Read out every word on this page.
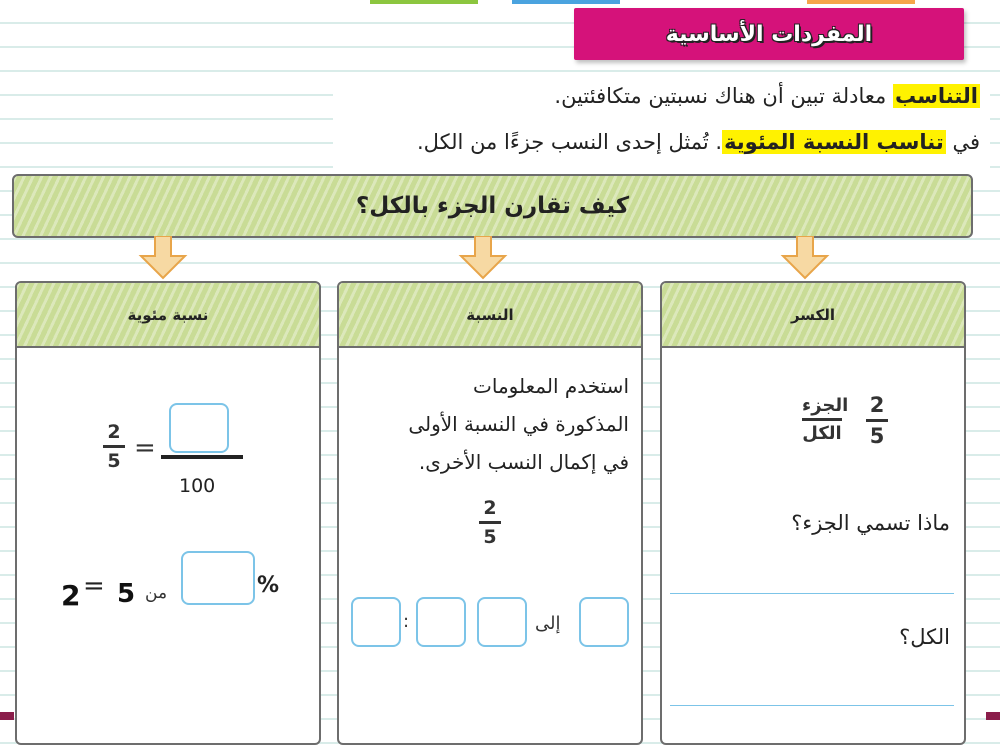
المفردات الأساسية
التناسب معادلة تبين أن هناك نسبتين متكافئتين.
في تناسب النسبة المئوية. تُمثل إحدى النسب جزءًا من الكل.
كيف تقارن الجزء بالكل؟
نسبة مئوية
2
5 =
100
2 = 5 من	%
النسبة
استخدم المعلومات
المذكورة في النسبة الأولى
في إكمال النسب الأخرى.
2
5
:	إلى
الكسر
الجزء
الكل
2
5
ماذا تسمي الجزء؟
الكل؟
